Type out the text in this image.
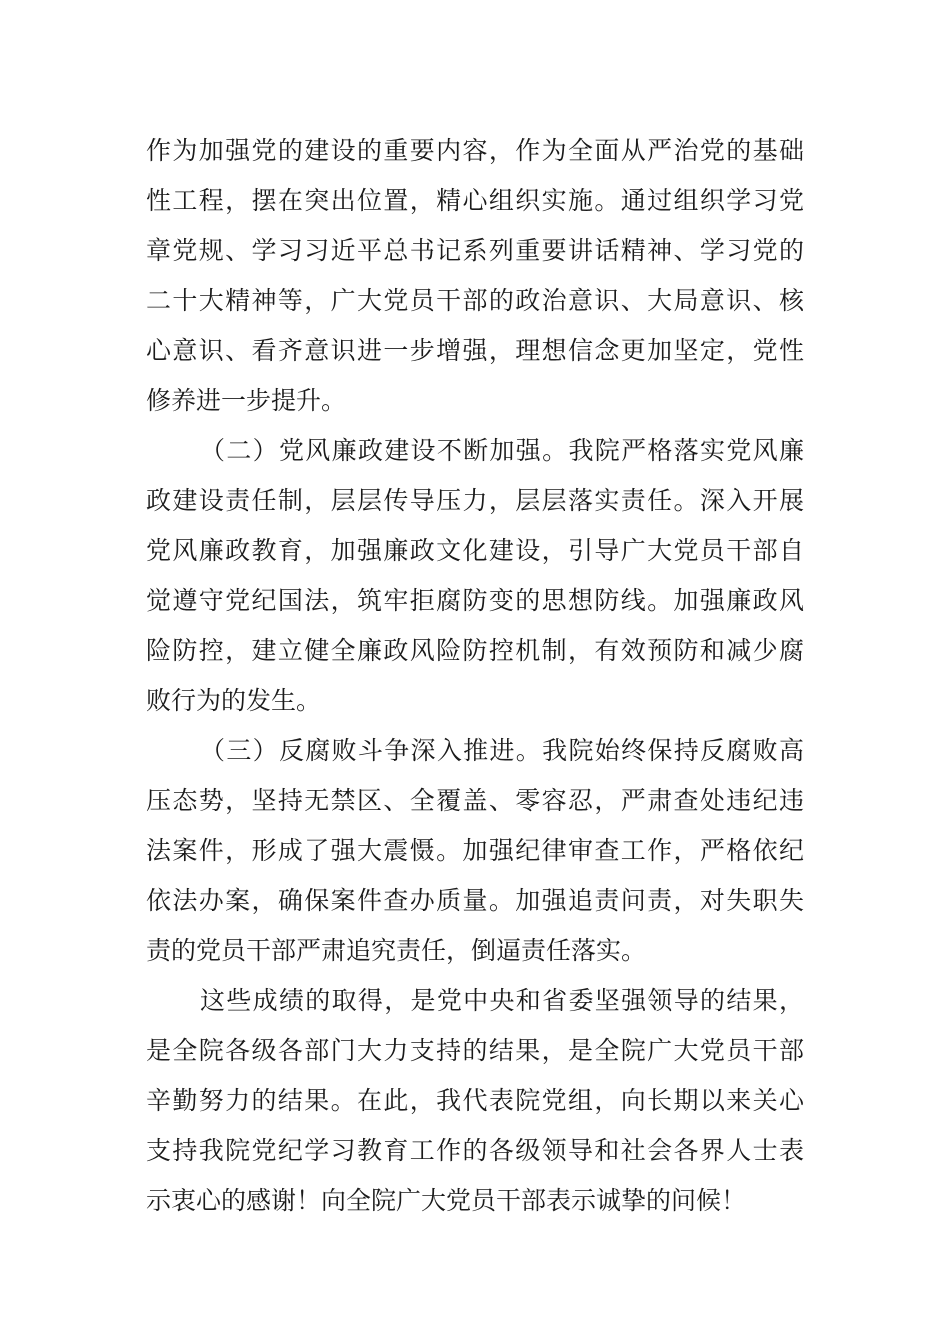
作为加强党的建设的重要内容，作为全面从严治党的基础
性工程，摆在突出位置，精心组织实施。通过组织学习党
章党规、学习习近平总书记系列重要讲话精神、学习党的
二十大精神等，广大党员干部的政治意识、大局意识、核
心意识、看齐意识进一步增强，理想信念更加坚定，党性
修养进一步提升。
（二）党风廉政建设不断加强。我院严格落实党风廉
政建设责任制，层层传导压力，层层落实责任。深入开展
党风廉政教育，加强廉政文化建设，引导广大党员干部自
觉遵守党纪国法，筑牢拒腐防变的思想防线。加强廉政风
险防控，建立健全廉政风险防控机制，有效预防和减少腐
败行为的发生。
（三）反腐败斗争深入推进。我院始终保持反腐败高
压态势，坚持无禁区、全覆盖、零容忍，严肃查处违纪违
法案件，形成了强大震慑。加强纪律审查工作，严格依纪
依法办案，确保案件查办质量。加强追责问责，对失职失
责的党员干部严肃追究责任，倒逼责任落实。
这些成绩的取得，是党中央和省委坚强领导的结果，
是全院各级各部门大力支持的结果，是全院广大党员干部
辛勤努力的结果。在此，我代表院党组，向长期以来关心
支持我院党纪学习教育工作的各级领导和社会各界人士表
示衷心的感谢！向全院广大党员干部表示诚挚的问候！
